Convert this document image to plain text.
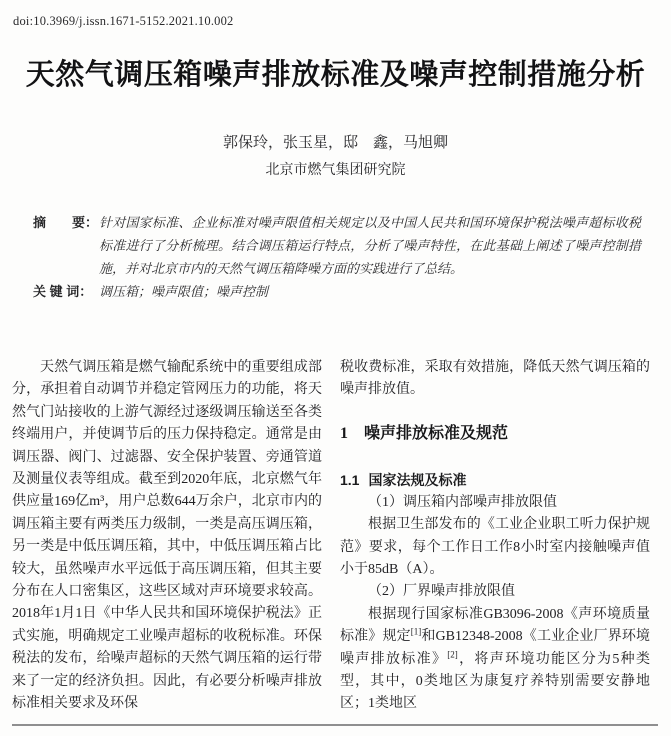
doi:10.3969/j.issn.1671-5152.2021.10.002
天然气调压箱噪声排放标准及噪声控制措施分析
郭保玲，张玉星，邸　鑫，马旭卿
北京市燃气集团研究院
摘　　要： 针对国家标准、企业标准对噪声限值相关规定以及中国人民共和国环境保护税法噪声超标收税标准进行了分析梳理。结合调压箱运行特点，分析了噪声特性，在此基础上阐述了噪声控制措施，并对北京市内的天然气调压箱降噪方面的实践进行了总结。
关 键 词： 调压箱；噪声限值；噪声控制

天然气调压箱是燃气输配系统中的重要组成部分，承担着自动调节并稳定管网压力的功能，将天然气门站接收的上游气源经过逐级调压输送至各类终端用户，并使调节后的压力保持稳定。通常是由调压器、阀门、过滤器、安全保护装置、旁通管道及测量仪表等组成。截至到2020年底，北京燃气年供应量169亿m³，用户总数644万余户，北京市内的调压箱主要有两类压力级制，一类是高压调压箱，另一类是中低压调压箱，其中，中低压调压箱占比较大，虽然噪声水平远低于高压调压箱，但其主要分布在人口密集区，这些区域对声环境要求较高。2018年1月1日《中华人民共和国环境保护税法》正式实施，明确规定工业噪声超标的收税标准。环保税法的发布，给噪声超标的天然气调压箱的运行带来了一定的经济负担。因此，有必要分析噪声排放标准相关要求及环保

税收费标准，采取有效措施，降低天然气调压箱的噪声排放值。

1 噪声排放标准及规范
1.1 国家法规及标准

（1）调压箱内部噪声排放限值

根据卫生部发布的《工业企业职工听力保护规范》要求，每个工作日工作8小时室内接触噪声值小于85dB（A）。

（2）厂界噪声排放限值

根据现行国家标准GB3096-2008《声环境质量标准》规定[1]和GB12348-2008《工业企业厂界环境噪声排放标准》[2]，将声环境功能区分为5种类型，其中，0类地区为康复疗养特别需要安静地区；1类地区
